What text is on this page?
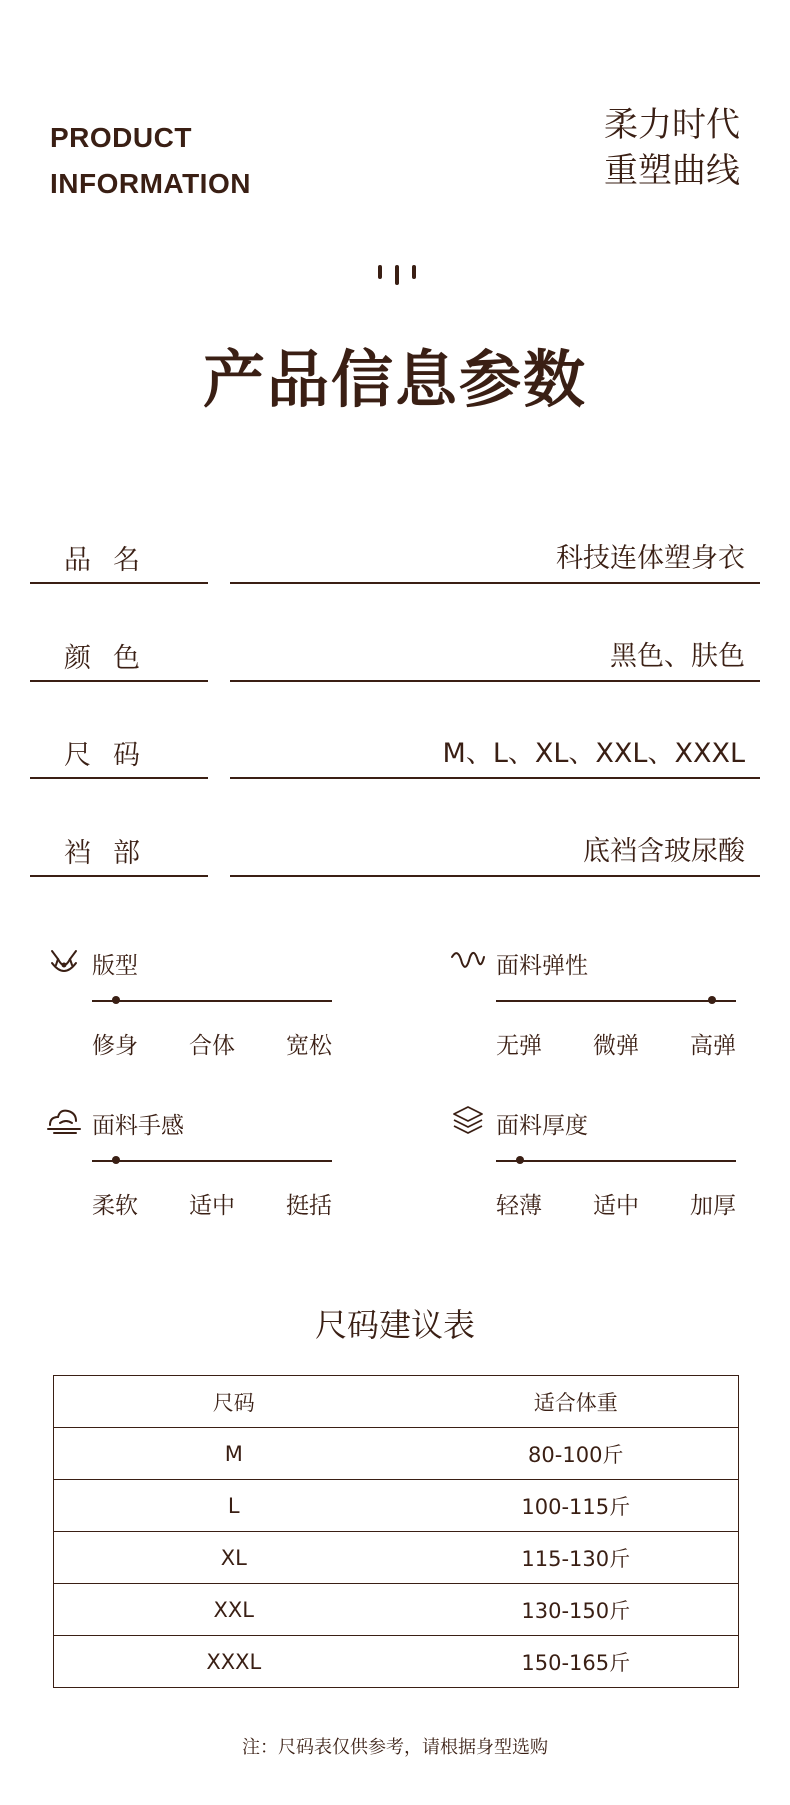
PRODUCT
INFORMATION
柔力时代
重塑曲线
产品信息参数
品名	科技连体塑身衣
颜色	黑色、肤色
尺码	M、L、XL、XXL、XXXL
裆部	底裆含玻尿酸
版型
修身 合体 宽松
面料弹性
无弹 微弹 高弹
面料手感
柔软 适中 挺括
面料厚度
轻薄 适中 加厚
尺码建议表
尺码	适合体重
M	80-100斤
L	100-115斤
XL	115-130斤
XXL	130-150斤
XXXL	150-165斤
注：尺码表仅供参考，请根据身型选购
